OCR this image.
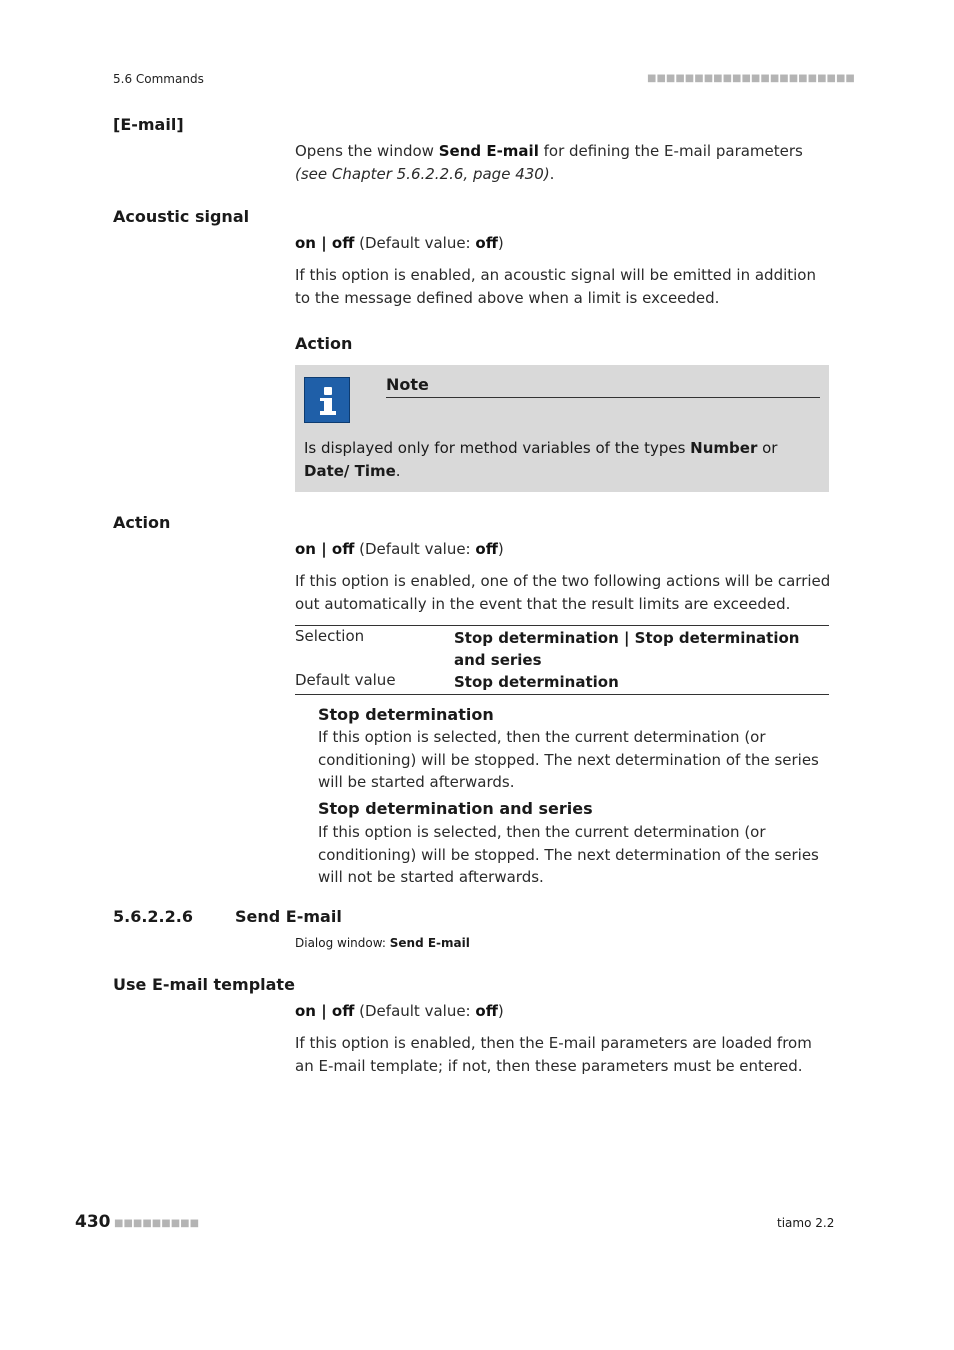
5.6 Commands	■■■■■■■■■■■■■■■■■■■■■■
[E-mail]
Opens the window Send E-mail for defining the E-mail parameters (see Chapter 5.6.2.2.6, page 430).
Acoustic signal
on | off (Default value: off)
If this option is enabled, an acoustic signal will be emitted in addition to the message defined above when a limit is exceeded.
Action
Note
Is displayed only for method variables of the types Number or Date/ Time.
Action
on | off (Default value: off)
If this option is enabled, one of the two following actions will be carried out automatically in the event that the result limits are exceeded.
Selection	Stop determination | Stop determination and series
Default value	Stop determination
Stop determination
If this option is selected, then the current determination (or conditioning) will be stopped. The next determination of the series will be started afterwards.
Stop determination and series
If this option is selected, then the current determination (or conditioning) will be stopped. The next determination of the series will not be started afterwards.
5.6.2.2.6	Send E-mail
Dialog window: Send E-mail
Use E-mail template
on | off (Default value: off)
If this option is enabled, then the E-mail parameters are loaded from an E-mail template; if not, then these parameters must be entered.
430 ■■■■■■■■■	tiamo 2.2
